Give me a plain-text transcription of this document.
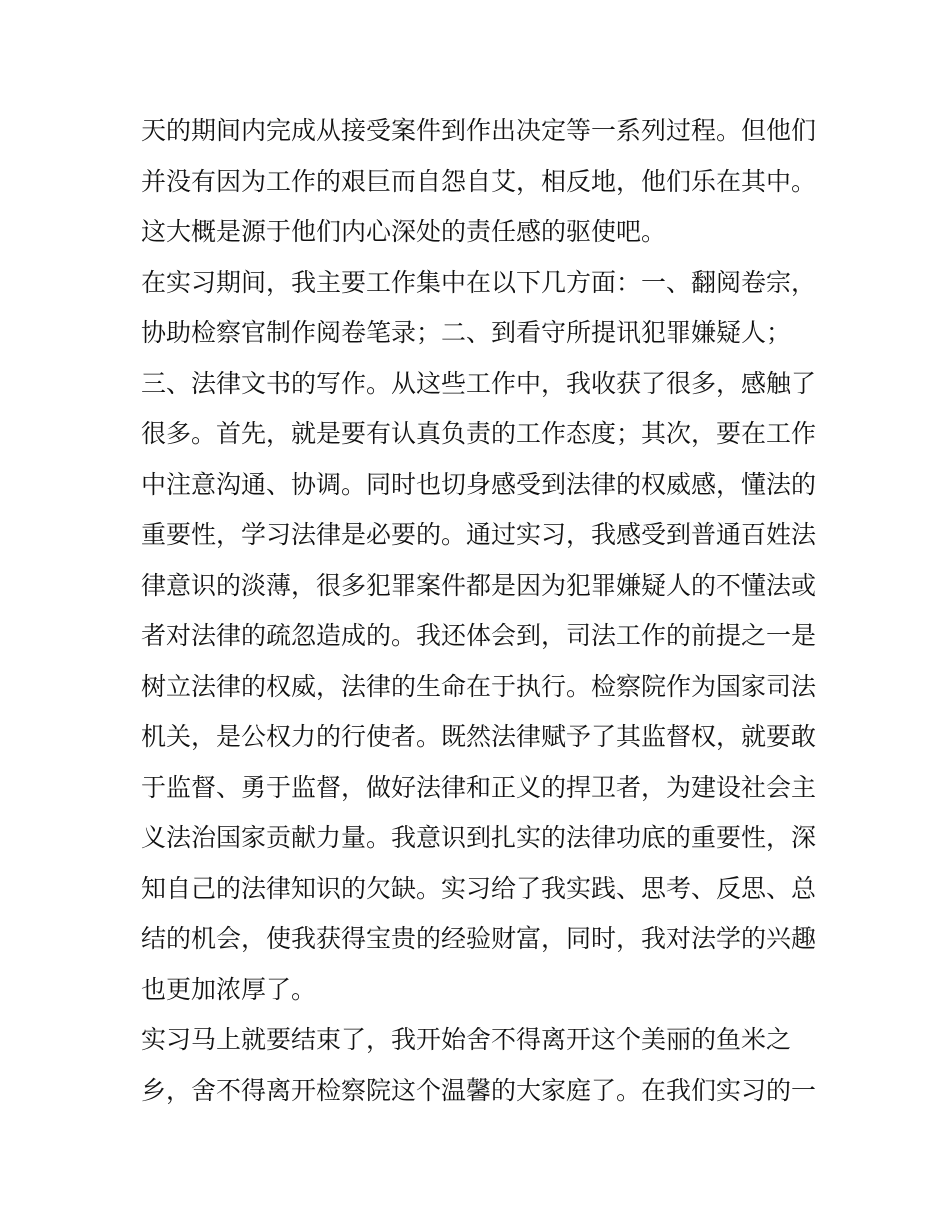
天的期间内完成从接受案件到作出决定等一系列过程。但他们
并没有因为工作的艰巨而自怨自艾，相反地，他们乐在其中。
这大概是源于他们内心深处的责任感的驱使吧。
在实习期间，我主要工作集中在以下几方面：一、翻阅卷宗，
协助检察官制作阅卷笔录；二、到看守所提讯犯罪嫌疑人；
三、法律文书的写作。从这些工作中，我收获了很多，感触了
很多。首先，就是要有认真负责的工作态度；其次，要在工作
中注意沟通、协调。同时也切身感受到法律的权威感，懂法的
重要性，学习法律是必要的。通过实习，我感受到普通百姓法
律意识的淡薄，很多犯罪案件都是因为犯罪嫌疑人的不懂法或
者对法律的疏忽造成的。我还体会到，司法工作的前提之一是
树立法律的权威，法律的生命在于执行。检察院作为国家司法
机关，是公权力的行使者。既然法律赋予了其监督权，就要敢
于监督、勇于监督，做好法律和正义的捍卫者，为建设社会主
义法治国家贡献力量。我意识到扎实的法律功底的重要性，深
知自己的法律知识的欠缺。实习给了我实践、思考、反思、总
结的机会，使我获得宝贵的经验财富，同时，我对法学的兴趣
也更加浓厚了。
实习马上就要结束了，我开始舍不得离开这个美丽的鱼米之
乡，舍不得离开检察院这个温馨的大家庭了。在我们实习的一
